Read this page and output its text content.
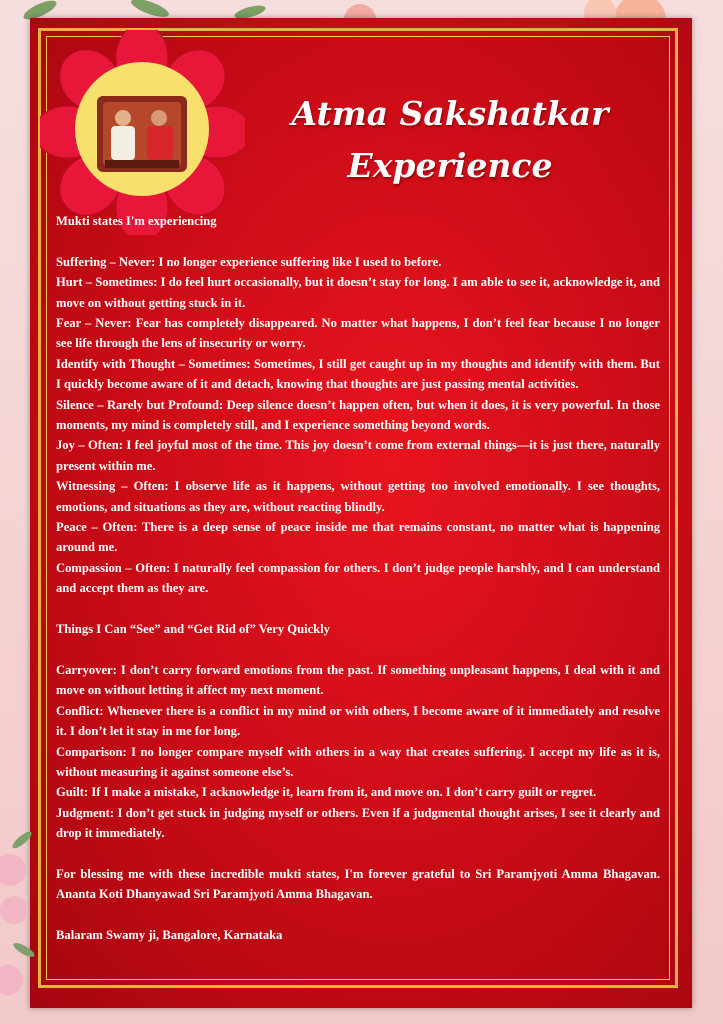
Atma Sakshatkar
Experience

Mukti states I'm experiencing

Suffering – Never: I no longer experience suffering like I used to before.

Hurt – Sometimes: I do feel hurt occasionally, but it doesn’t stay for long. I am able to see it, acknowledge it, and move on without getting stuck in it.

Fear – Never: Fear has completely disappeared. No matter what happens, I don’t feel fear because I no longer see life through the lens of insecurity or worry.

Identify with Thought – Sometimes: Sometimes, I still get caught up in my thoughts and identify with them. But I quickly become aware of it and detach, knowing that thoughts are just passing mental activities.

Silence – Rarely but Profound: Deep silence doesn’t happen often, but when it does, it is very powerful. In those moments, my mind is completely still, and I experience something beyond words.

Joy – Often: I feel joyful most of the time. This joy doesn’t come from external things—it is just there, naturally present within me.

Witnessing – Often: I observe life as it happens, without getting too involved emotionally. I see thoughts, emotions, and situations as they are, without reacting blindly.

Peace – Often: There is a deep sense of peace inside me that remains constant, no matter what is happening around me.

Compassion – Often: I naturally feel compassion for others. I don’t judge people harshly, and I can understand and accept them as they are.

Things I Can “See” and “Get Rid of” Very Quickly

Carryover: I don’t carry forward emotions from the past. If something unpleasant happens, I deal with it and move on without letting it affect my next moment.

Conflict: Whenever there is a conflict in my mind or with others, I become aware of it immediately and resolve it. I don’t let it stay in me for long.

Comparison: I no longer compare myself with others in a way that creates suffering. I accept my life as it is, without measuring it against someone else’s.

Guilt: If I make a mistake, I acknowledge it, learn from it, and move on. I don’t carry guilt or regret.

Judgment: I don’t get stuck in judging myself or others. Even if a judgmental thought arises, I see it clearly and drop it immediately.

For blessing me with these incredible mukti states, I'm forever grateful to Sri Paramjyoti Amma Bhagavan. Ananta Koti Dhanyawad Sri Paramjyoti Amma Bhagavan.

Balaram Swamy ji, Bangalore, Karnataka
